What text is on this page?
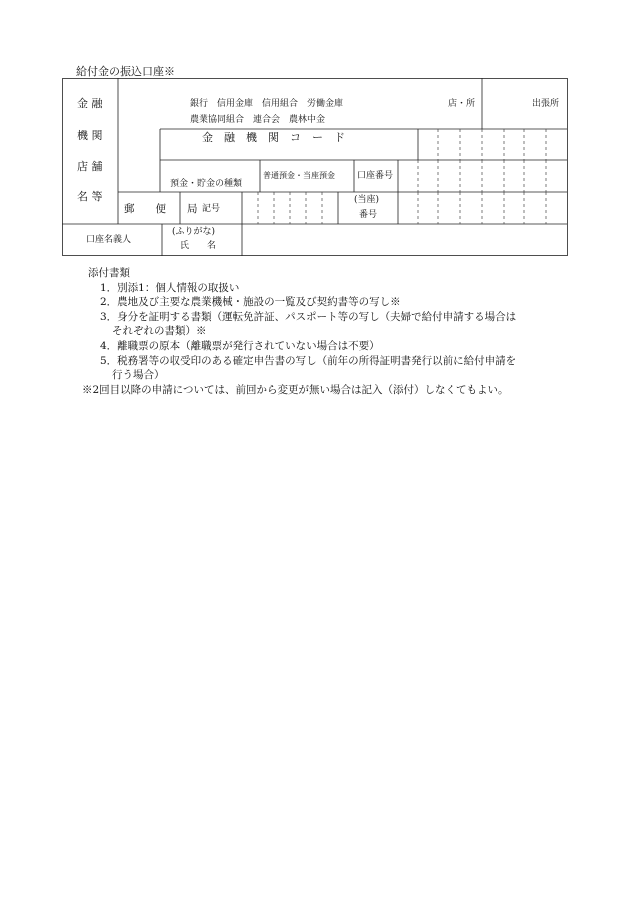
給付金の振込口座※
金 融
機 関
店 舗
名 等
銀行　信用金庫　信用組合　労働金庫
農業協同組合　連合会　農林中金
店・所	出張所
金　融　機　関　コ　ー　ド
預金・貯金の種類
普通預金・当座預金 口座番号
郵　　便　　局 記号
(当座)
番号
口座名義人
(ふりがな)
氏　　名
添付書類
1．別添1：個人情報の取扱い
2．農地及び主要な農業機械・施設の一覧及び契約書等の写し※
3．身分を証明する書類（運転免許証、パスポート等の写し（夫婦で給付申請する場合は
それぞれの書類）※
4．離職票の原本（離職票が発行されていない場合は不要）
5．税務署等の収受印のある確定申告書の写し（前年の所得証明書発行以前に給付申請を
行う場合）
※2回目以降の申請については、前回から変更が無い場合は記入（添付）しなくてもよい。
